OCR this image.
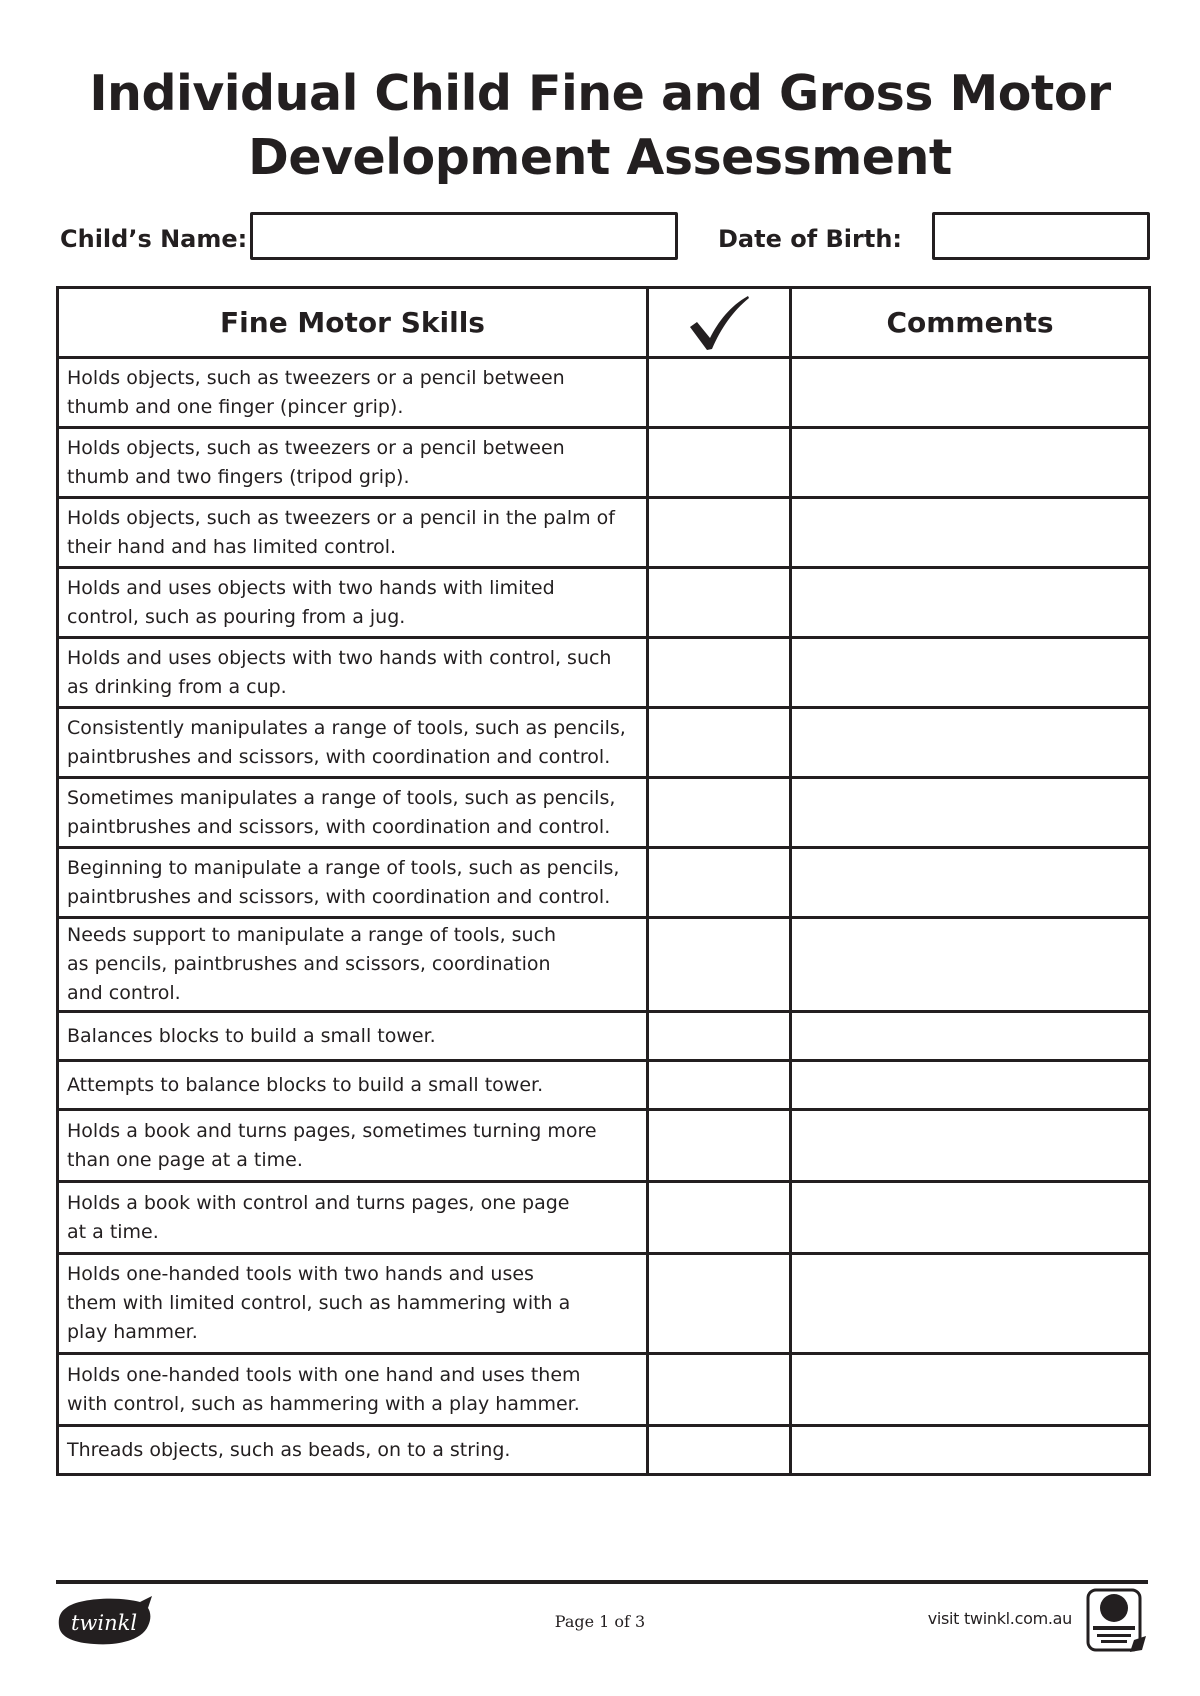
Individual Child Fine and Gross Motor
Development Assessment
Child’s Name:	Date of Birth:
Fine Motor Skills		Comments

Holds objects, such as tweezers or a pencil between
thumb and one finger (pincer grip).		

Holds objects, such as tweezers or a pencil between
thumb and two fingers (tripod grip).		

Holds objects, such as tweezers or a pencil in the palm of
their hand and has limited control.		

Holds and uses objects with two hands with limited
control, such as pouring from a jug.		

Holds and uses objects with two hands with control, such
as drinking from a cup.		

Consistently manipulates a range of tools, such as pencils,
paintbrushes and scissors, with coordination and control.		

Sometimes manipulates a range of tools, such as pencils,
paintbrushes and scissors, with coordination and control.		

Beginning to manipulate a range of tools, such as pencils,
paintbrushes and scissors, with coordination and control.		

Needs support to manipulate a range of tools, such
as pencils, paintbrushes and scissors, coordination
and control.		

Balances blocks to build a small tower.		

Attempts to balance blocks to build a small tower.		

Holds a book and turns pages, sometimes turning more
than one page at a time.		

Holds a book with control and turns pages, one page
at a time.		

Holds one-handed tools with two hands and uses
them with limited control, such as hammering with a
play hammer.		

Holds one-handed tools with one hand and uses them
with control, such as hammering with a play hammer.		

Threads objects, such as beads, on to a string.		

twinkl	Page 1 of 3	visit twinkl.com.au
